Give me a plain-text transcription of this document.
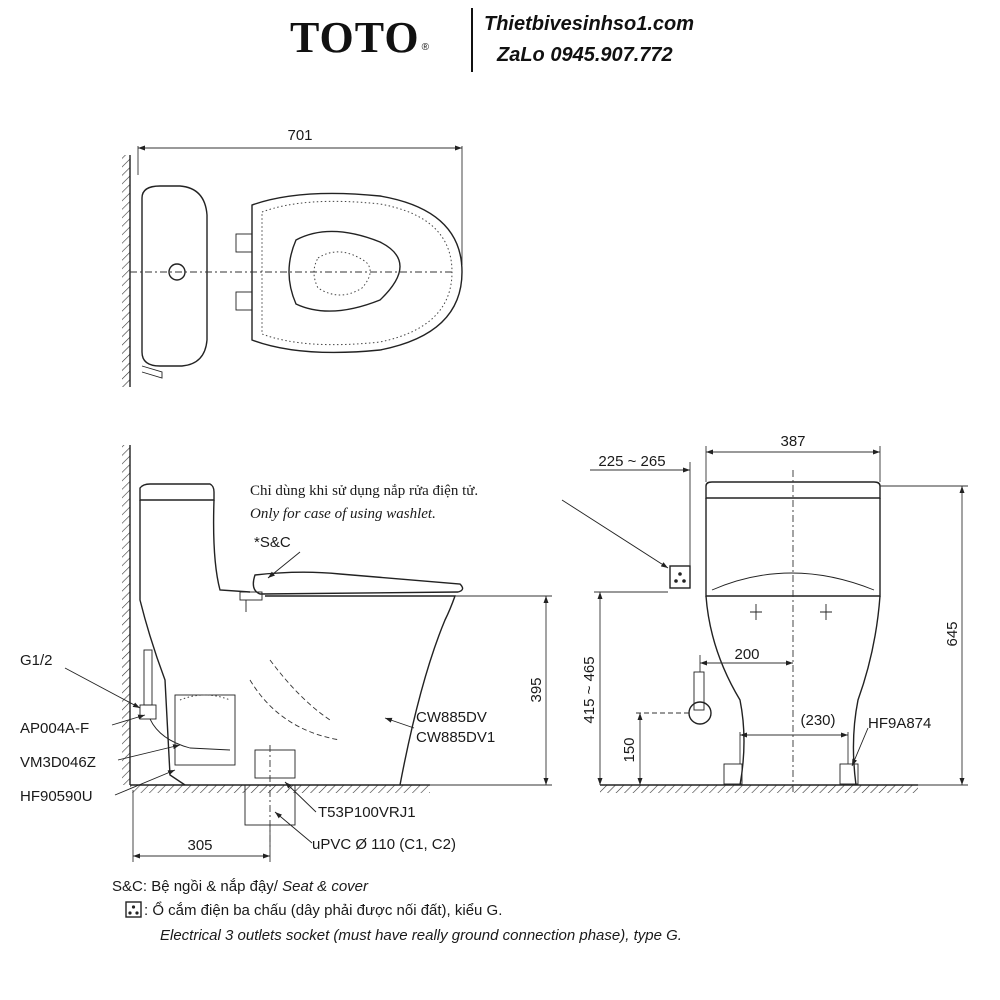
TOTO ®
Thietbivesinhso1.com
ZaLo 0945.907.772
701
G1/2
AP004A-F
VM3D046Z
HF90590U
*S&C
Chỉ dùng khi sử dụng nắp rửa điện tử.
Only for case of using washlet.
CW885DV
CW885DV1
T53P100VRJ1
uPVC Ø 110 (C1, C2)
305
395
225 ~ 265
387
645
415 ~ 465
200
150
(230) HF9A874
S&C: Bệ ngồi & nắp đậy/ Seat & cover
: Ổ cắm điện ba chấu (dây phải được nối đất), kiểu G.
Electrical 3 outlets socket (must have really ground connection phase), type G.
